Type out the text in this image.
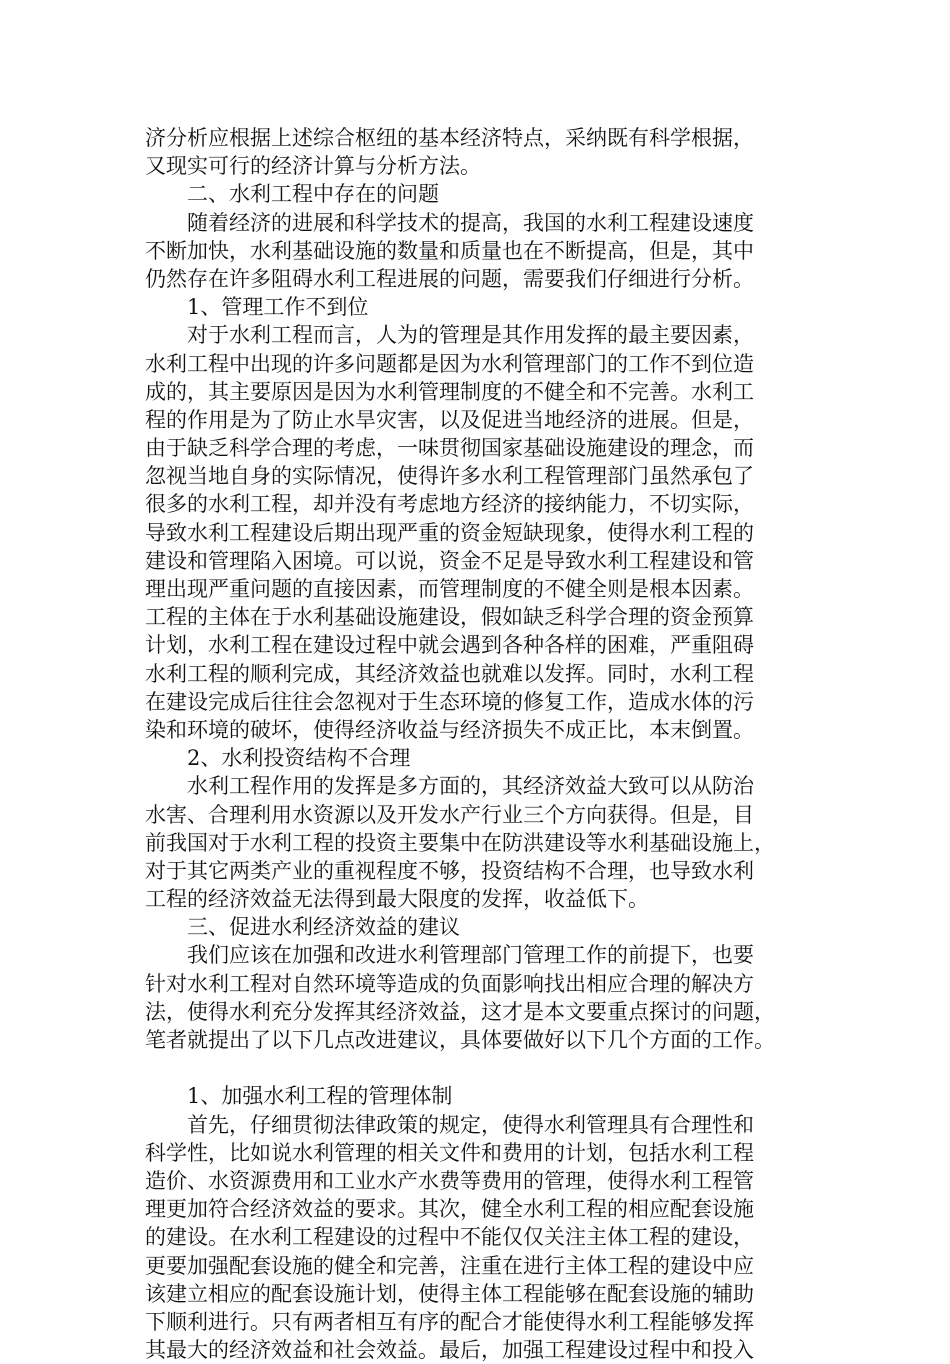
济分析应根据上述综合枢纽的基本经济特点，采纳既有科学根据，
又现实可行的经济计算与分析方法。
二、水利工程中存在的问题
随着经济的进展和科学技术的提高，我国的水利工程建设速度
不断加快，水利基础设施的数量和质量也在不断提高，但是，其中
仍然存在许多阻碍水利工程进展的问题，需要我们仔细进行分析。
1、管理工作不到位
对于水利工程而言，人为的管理是其作用发挥的最主要因素，
水利工程中出现的许多问题都是因为水利管理部门的工作不到位造
成的，其主要原因是因为水利管理制度的不健全和不完善。水利工
程的作用是为了防止水旱灾害，以及促进当地经济的进展。但是，
由于缺乏科学合理的考虑，一味贯彻国家基础设施建设的理念，而
忽视当地自身的实际情况，使得许多水利工程管理部门虽然承包了
很多的水利工程，却并没有考虑地方经济的接纳能力，不切实际，
导致水利工程建设后期出现严重的资金短缺现象，使得水利工程的
建设和管理陷入困境。可以说，资金不足是导致水利工程建设和管
理出现严重问题的直接因素，而管理制度的不健全则是根本因素。
工程的主体在于水利基础设施建设，假如缺乏科学合理的资金预算
计划，水利工程在建设过程中就会遇到各种各样的困难，严重阻碍
水利工程的顺利完成，其经济效益也就难以发挥。同时，水利工程
在建设完成后往往会忽视对于生态环境的修复工作，造成水体的污
染和环境的破坏，使得经济收益与经济损失不成正比，本末倒置。
2、水利投资结构不合理
水利工程作用的发挥是多方面的，其经济效益大致可以从防治
水害、合理利用水资源以及开发水产行业三个方向获得。但是，目
前我国对于水利工程的投资主要集中在防洪建设等水利基础设施上，
对于其它两类产业的重视程度不够，投资结构不合理，也导致水利
工程的经济效益无法得到最大限度的发挥，收益低下。
三、促进水利经济效益的建议
我们应该在加强和改进水利管理部门管理工作的前提下，也要
针对水利工程对自然环境等造成的负面影响找出相应合理的解决方
法，使得水利充分发挥其经济效益，这才是本文要重点探讨的问题，
笔者就提出了以下几点改进建议，具体要做好以下几个方面的工作。
1、加强水利工程的管理体制
首先，仔细贯彻法律政策的规定，使得水利管理具有合理性和
科学性，比如说水利管理的相关文件和费用的计划，包括水利工程
造价、水资源费用和工业水产水费等费用的管理，使得水利工程管
理更加符合经济效益的要求。其次，健全水利工程的相应配套设施
的建设。在水利工程建设的过程中不能仅仅关注主体工程的建设，
更要加强配套设施的健全和完善，注重在进行主体工程的建设中应
该建立相应的配套设施计划，使得主体工程能够在配套设施的辅助
下顺利进行。只有两者相互有序的配合才能使得水利工程能够发挥
其最大的经济效益和社会效益。最后，加强工程建设过程中和投入
